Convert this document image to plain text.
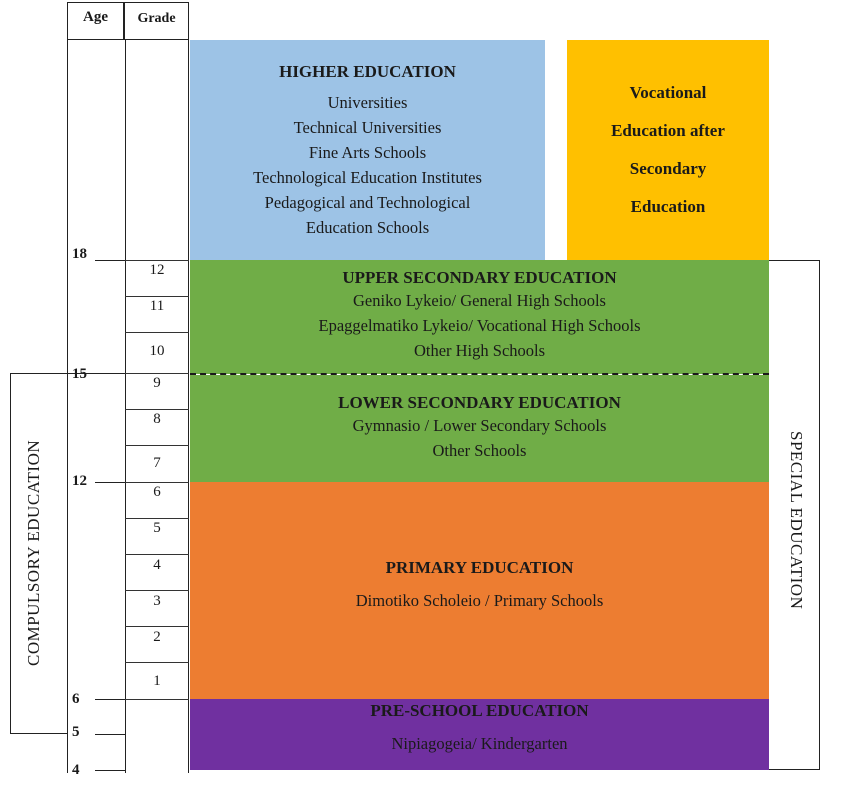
Age	Grade
HIGHER EDUCATION
Universities
Technical Universities
Fine Arts Schools
Technological Education Institutes
Pedagogical and Technological
Education Schools
Vocational
Education after
Secondary
Education
UPPER SECONDARY EDUCATION
Geniko Lykeio/ General High Schools
Epaggelmatiko Lykeio/ Vocational High Schools
Other High Schools
LOWER SECONDARY EDUCATION
Gymnasio / Lower Secondary Schools
Other Schools
PRIMARY EDUCATION
Dimotiko Scholeio / Primary Schools
PRE-SCHOOL EDUCATION
Nipiagogeia/ Kindergarten
12
11
10
9
8
7
6
5
4
3
2
1
18
15
12
6
5
4
COMPULSORY EDUCATION	SPECIAL EDUCATION
